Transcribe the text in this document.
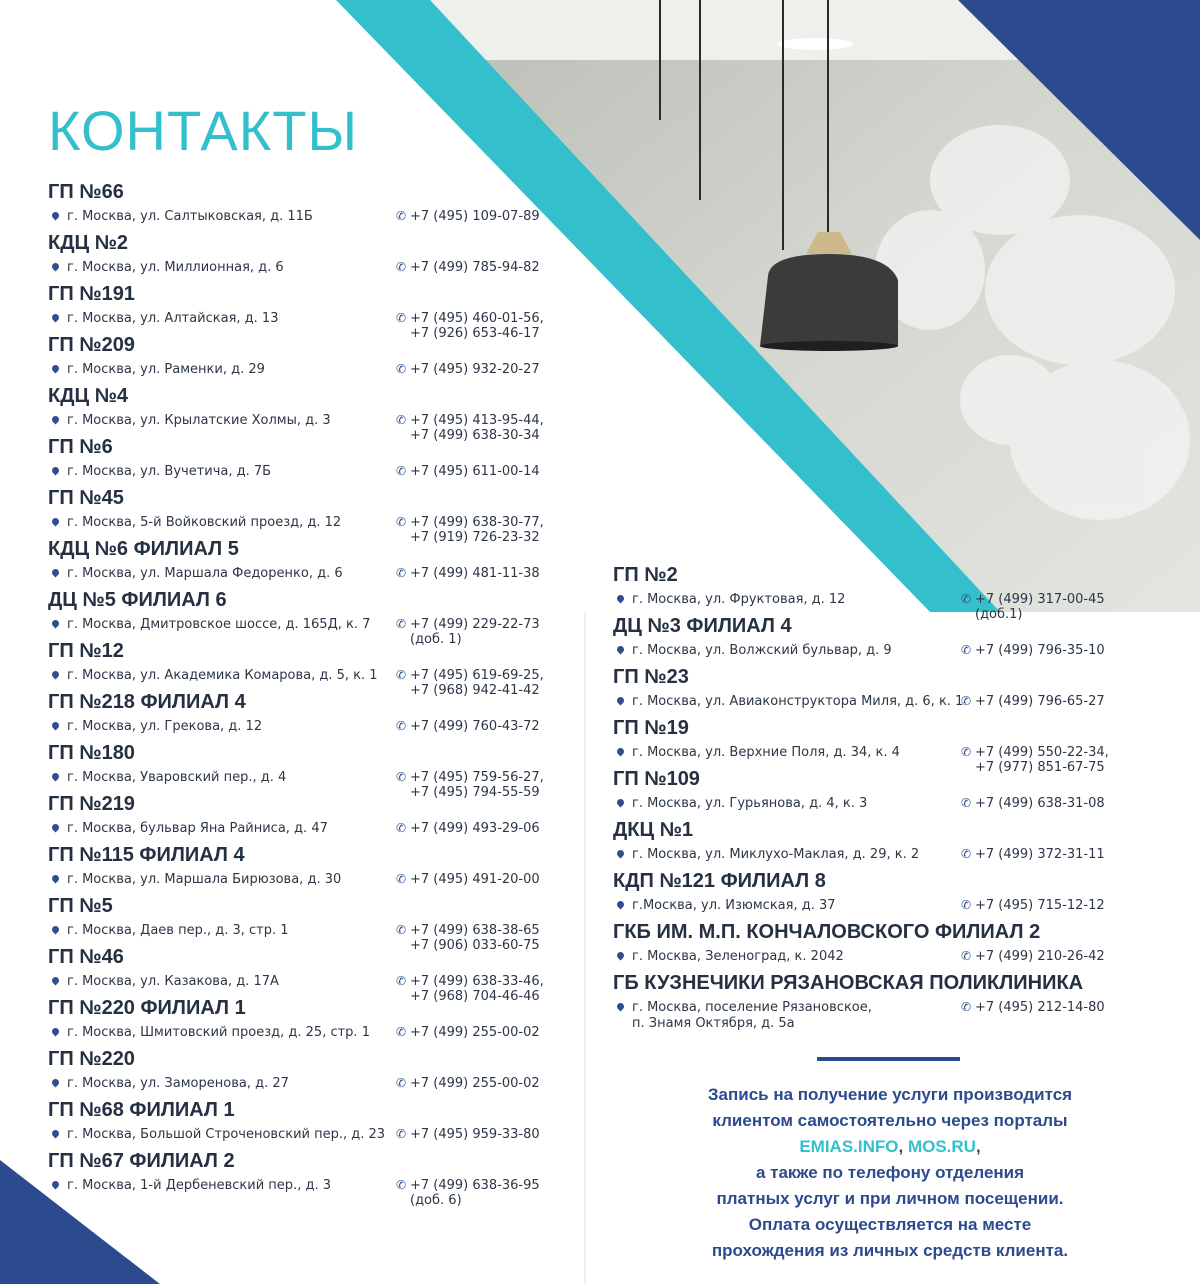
КОНТАКТЫ
ГП №66
г. Москва, ул. Салтыковская, д. 11Б	✆ +7 (495) 109-07-89
КДЦ №2
г. Москва, ул. Миллионная, д. 6	✆ +7 (499) 785-94-82
ГП №191
г. Москва, ул. Алтайская, д. 13	✆ +7 (495) 460-01-56,
+7 (926) 653-46-17
ГП №209
г. Москва, ул. Раменки, д. 29	✆ +7 (495) 932-20-27
КДЦ №4
г. Москва, ул. Крылатские Холмы, д. 3	✆ +7 (495) 413-95-44,
+7 (499) 638-30-34
ГП №6
г. Москва, ул. Вучетича, д. 7Б	✆ +7 (495) 611-00-14
ГП №45
г. Москва, 5-й Войковский проезд, д. 12	✆ +7 (499) 638-30-77,
+7 (919) 726-23-32
КДЦ №6 ФИЛИАЛ 5
г. Москва, ул. Маршала Федоренко, д. 6	✆ +7 (499) 481-11-38
ДЦ №5 ФИЛИАЛ 6
г. Москва, Дмитровское шоссе, д. 165Д, к. 7 ✆ +7 (499) 229-22-73
(доб. 1)
ГП №12
г. Москва, ул. Академика Комарова, д. 5, к. 1 ✆ +7 (495) 619-69-25,
+7 (968) 942-41-42
ГП №218 ФИЛИАЛ 4
г. Москва, ул. Грекова, д. 12	✆ +7 (499) 760-43-72
ГП №180
г. Москва, Уваровский пер., д. 4	✆ +7 (495) 759-56-27,
+7 (495) 794-55-59
ГП №219
г. Москва, бульвар Яна Райниса, д. 47	✆ +7 (499) 493-29-06
ГП №115 ФИЛИАЛ 4
г. Москва, ул. Маршала Бирюзова, д. 30	✆ +7 (495) 491-20-00
ГП №5
г. Москва, Даев пер., д. 3, стр. 1	✆ +7 (499) 638-38-65
+7 (906) 033-60-75
ГП №46
г. Москва, ул. Казакова, д. 17А	✆ +7 (499) 638-33-46,
+7 (968) 704-46-46
ГП №220 ФИЛИАЛ 1
г. Москва, Шмитовский проезд, д. 25, стр. 1 ✆ +7 (499) 255-00-02
ГП №220
г. Москва, ул. Заморенова, д. 27	✆ +7 (499) 255-00-02
ГП №68 ФИЛИАЛ 1
г. Москва, Большой Строченовский пер., д. 23 ✆ +7 (495) 959-33-80
ГП №67 ФИЛИАЛ 2
г. Москва, 1-й Дербеневский пер., д. 3	✆ +7 (499) 638-36-95
(доб. 6)
ГП №2
г. Москва, ул. Фруктовая, д. 12	✆ +7 (499) 317-00-45
(доб.1)
ДЦ №3 ФИЛИАЛ 4
г. Москва, ул. Волжский бульвар, д. 9	✆ +7 (499) 796-35-10
ГП №23
г. Москва, ул. Авиаконструктора Миля, д. 6, к. 1
✆ +7 (499) 796-65-27
ГП №19
г. Москва, ул. Верхние Поля, д. 34, к. 4	✆ +7 (499) 550-22-34,
+7 (977) 851-67-75
ГП №109
г. Москва, ул. Гурьянова, д. 4, к. 3	✆ +7 (499) 638-31-08
ДКЦ №1
г. Москва, ул. Миклухо-Маклая, д. 29, к. 2	✆ +7 (499) 372-31-11
КДП №121 ФИЛИАЛ 8
г.Москва, ул. Изюмская, д. 37	✆ +7 (495) 715-12-12
ГКБ ИМ. М.П. КОНЧАЛОВСКОГО ФИЛИАЛ 2
г. Москва, Зеленоград, к. 2042	✆ +7 (499) 210-26-42
ГБ КУЗНЕЧИКИ РЯЗАНОВСКАЯ ПОЛИКЛИНИКА
г. Москва, поселение Рязановское,
п. Знамя Октября, д. 5а
✆ +7 (495) 212-14-80

Запись на получение услуги производится
клиентом самостоятельно через порталы
EMIAS.INFO, MOS.RU,
а также по телефону отделения
платных услуг и при личном посещении.
Оплата осуществляется на месте
прохождения из личных средств клиента.
